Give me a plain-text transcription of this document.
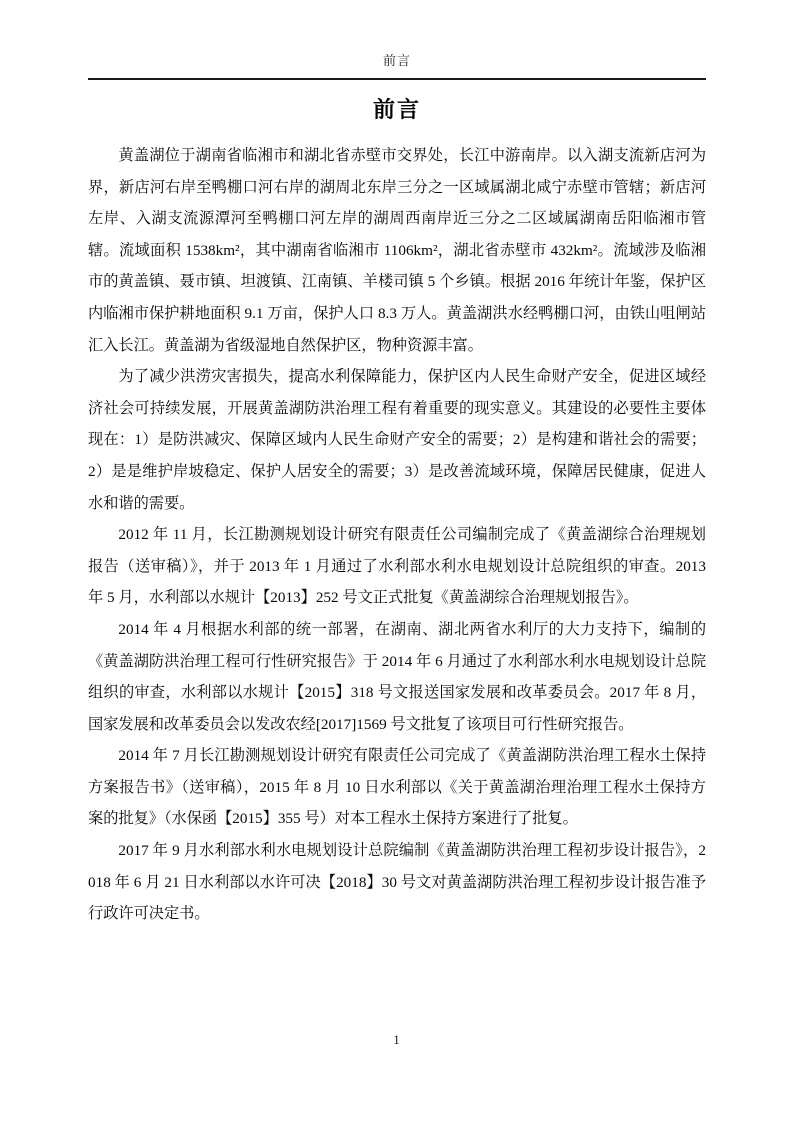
前言
前言

黄盖湖位于湖南省临湘市和湖北省赤壁市交界处，长江中游南岸。以入湖支流新店河为界，新店河右岸至鸭棚口河右岸的湖周北东岸三分之一区域属湖北咸宁赤壁市管辖；新店河左岸、入湖支流源潭河至鸭棚口河左岸的湖周西南岸近三分之二区域属湖南岳阳临湘市管辖。流域面积 1538km²，其中湖南省临湘市 1106km²，湖北省赤壁市 432km²。流域涉及临湘市的黄盖镇、聂市镇、坦渡镇、江南镇、羊楼司镇 5 个乡镇。根据 2016 年统计年鉴，保护区内临湘市保护耕地面积 9.1 万亩，保护人口 8.3 万人。黄盖湖洪水经鸭棚口河，由铁山咀闸站汇入长江。黄盖湖为省级湿地自然保护区，物种资源丰富。

为了减少洪涝灾害损失，提高水利保障能力，保护区内人民生命财产安全，促进区域经济社会可持续发展，开展黄盖湖防洪治理工程有着重要的现实意义。其建设的必要性主要体现在：1）是防洪减灾、保障区域内人民生命财产安全的需要；2）是构建和谐社会的需要；2）是是维护岸坡稳定、保护人居安全的需要；3）是改善流域环境，保障居民健康，促进人水和谐的需要。

2012 年 11 月，长江勘测规划设计研究有限责任公司编制完成了《黄盖湖综合治理规划报告（送审稿）》，并于 2013 年 1 月通过了水利部水利水电规划设计总院组织的审查。2013 年 5 月，水利部以水规计【2013】252 号文正式批复《黄盖湖综合治理规划报告》。

2014 年 4 月根据水利部的统一部署，在湖南、湖北两省水利厅的大力支持下，编制的《黄盖湖防洪治理工程可行性研究报告》于 2014 年 6 月通过了水利部水利水电规划设计总院组织的审查，水利部以水规计【2015】318 号文报送国家发展和改革委员会。2017 年 8 月，国家发展和改革委员会以发改农经[2017]1569 号文批复了该项目可行性研究报告。

2014 年 7 月长江勘测规划设计研究有限责任公司完成了《黄盖湖防洪治理工程水土保持方案报告书》（送审稿），2015 年 8 月 10 日水利部以《关于黄盖湖治理治理工程水土保持方案的批复》（水保函【2015】355 号）对本工程水土保持方案进行了批复。

2017 年 9 月水利部水利水电规划设计总院编制《黄盖湖防洪治理工程初步设计报告》，2018 年 6 月 21 日水利部以水许可决【2018】30 号文对黄盖湖防洪治理工程初步设计报告准予行政许可决定书。

1
